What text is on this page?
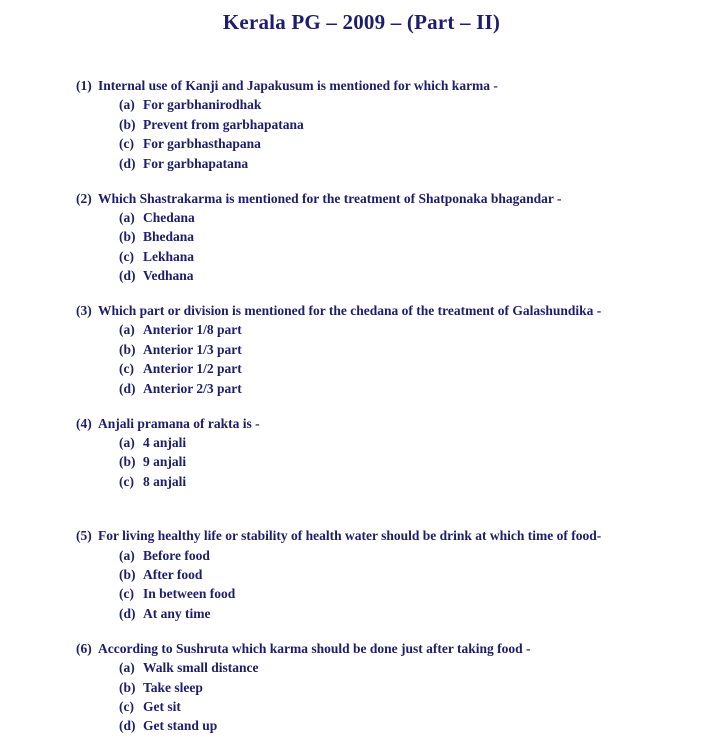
Kerala PG – 2009 – (Part – II)
(1) Internal use of Kanji and Japakusum is mentioned for which karma -
(a) For garbhanirodhak
(b) Prevent from garbhapatana
(c) For garbhasthapana
(d) For garbhapatana
(2) Which Shastrakarma is mentioned for the treatment of Shatponaka bhagandar -
(a) Chedana
(b) Bhedana
(c) Lekhana
(d) Vedhana
(3) Which part or division is mentioned for the chedana of the treatment of Galashundika -
(a) Anterior 1/8 part
(b) Anterior 1/3 part
(c) Anterior 1/2 part
(d) Anterior 2/3 part
(4) Anjali pramana of rakta is -
(a) 4 anjali
(b) 9 anjali
(c) 8 anjali
(5) For living healthy life or stability of health water should be drink at which time of food-
(a) Before food
(b) After food
(c) In between food
(d) At any time
(6) According to Sushruta which karma should be done just after taking food -
(a) Walk small distance
(b) Take sleep
(c) Get sit
(d) Get stand up
